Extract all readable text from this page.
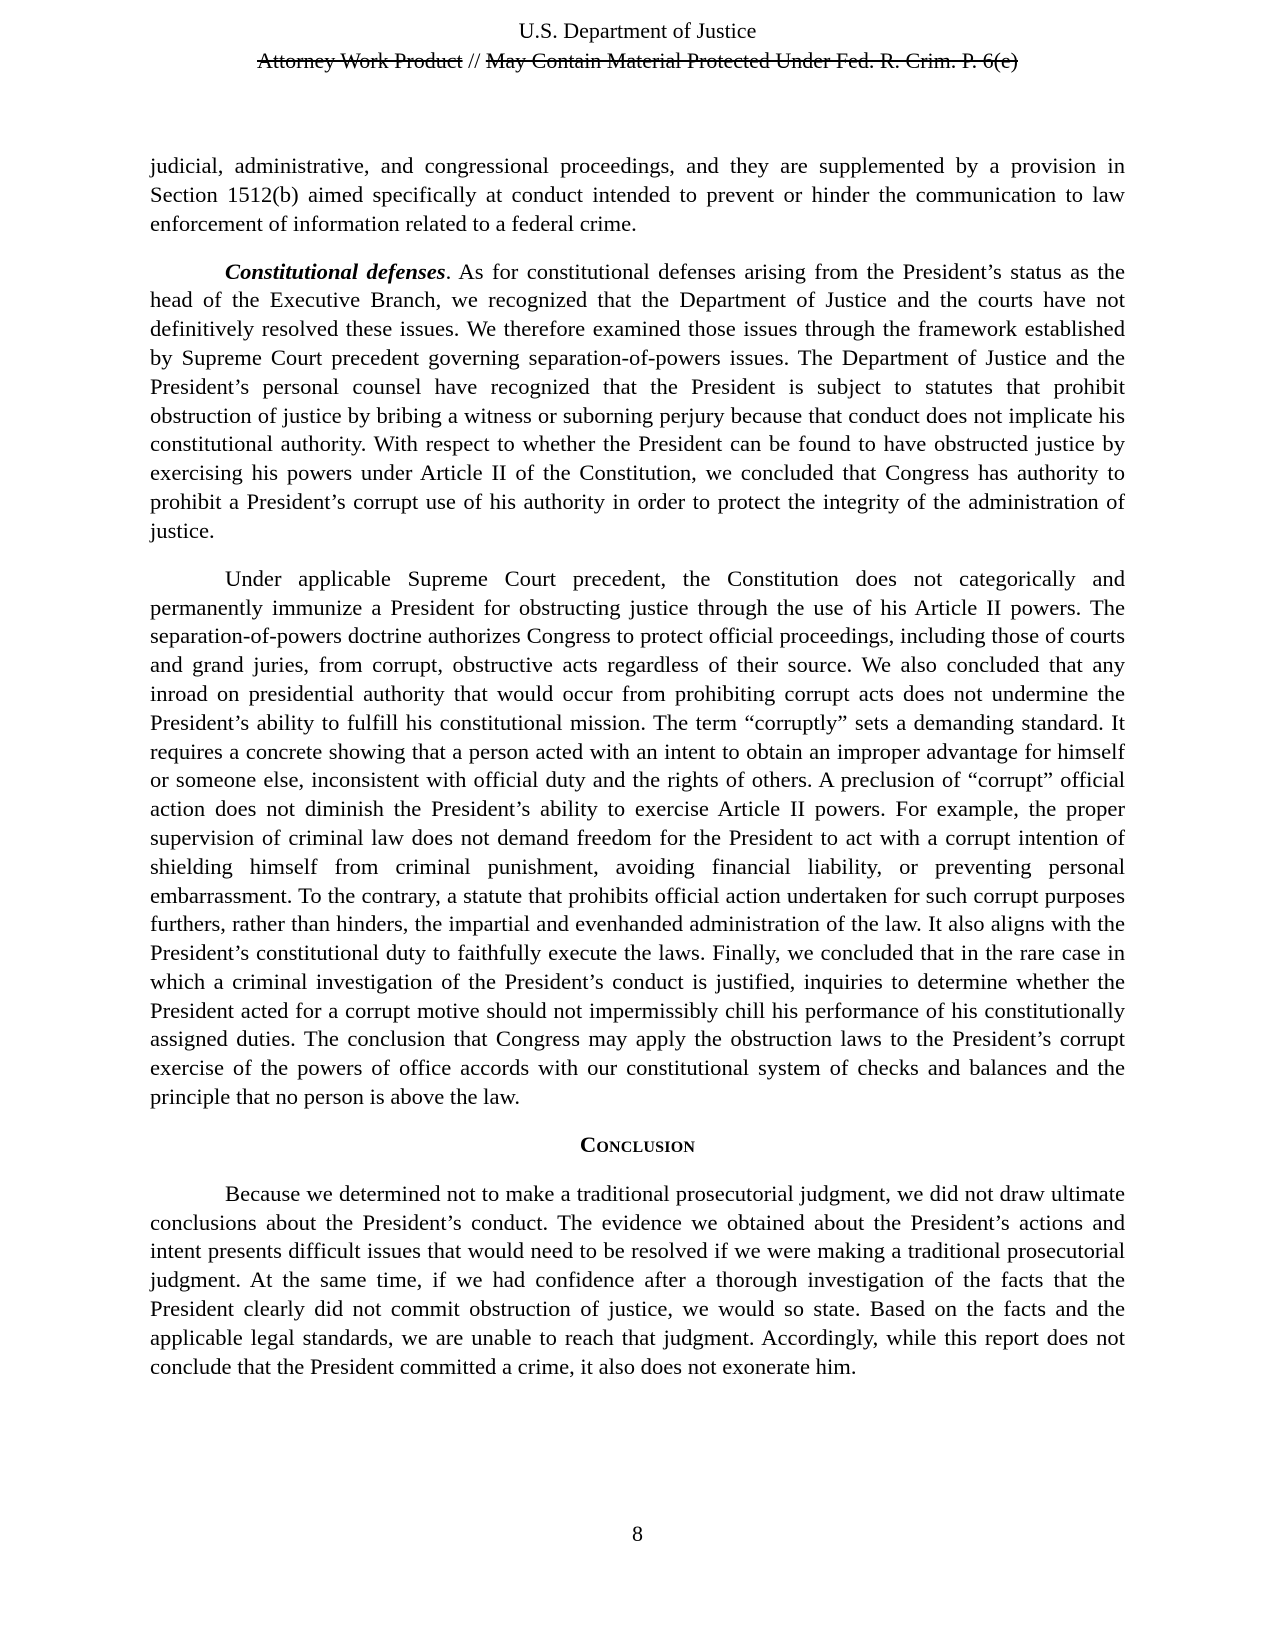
U.S. Department of Justice
Attorney Work Product // May Contain Material Protected Under Fed. R. Crim. P. 6(e)

judicial, administrative, and congressional proceedings, and they are supplemented by a provision in Section 1512(b) aimed specifically at conduct intended to prevent or hinder the communication to law enforcement of information related to a federal crime.

Constitutional defenses. As for constitutional defenses arising from the President’s status as the head of the Executive Branch, we recognized that the Department of Justice and the courts have not definitively resolved these issues. We therefore examined those issues through the framework established by Supreme Court precedent governing separation-of-powers issues. The Department of Justice and the President’s personal counsel have recognized that the President is subject to statutes that prohibit obstruction of justice by bribing a witness or suborning perjury because that conduct does not implicate his constitutional authority. With respect to whether the President can be found to have obstructed justice by exercising his powers under Article II of the Constitution, we concluded that Congress has authority to prohibit a President’s corrupt use of his authority in order to protect the integrity of the administration of justice.

Under applicable Supreme Court precedent, the Constitution does not categorically and permanently immunize a President for obstructing justice through the use of his Article II powers. The separation-of-powers doctrine authorizes Congress to protect official proceedings, including those of courts and grand juries, from corrupt, obstructive acts regardless of their source. We also concluded that any inroad on presidential authority that would occur from prohibiting corrupt acts does not undermine the President’s ability to fulfill his constitutional mission. The term “corruptly” sets a demanding standard. It requires a concrete showing that a person acted with an intent to obtain an improper advantage for himself or someone else, inconsistent with official duty and the rights of others. A preclusion of “corrupt” official action does not diminish the President’s ability to exercise Article II powers. For example, the proper supervision of criminal law does not demand freedom for the President to act with a corrupt intention of shielding himself from criminal punishment, avoiding financial liability, or preventing personal embarrassment. To the contrary, a statute that prohibits official action undertaken for such corrupt purposes furthers, rather than hinders, the impartial and evenhanded administration of the law. It also aligns with the President’s constitutional duty to faithfully execute the laws. Finally, we concluded that in the rare case in which a criminal investigation of the President’s conduct is justified, inquiries to determine whether the President acted for a corrupt motive should not impermissibly chill his performance of his constitutionally assigned duties. The conclusion that Congress may apply the obstruction laws to the President’s corrupt exercise of the powers of office accords with our constitutional system of checks and balances and the principle that no person is above the law.

Conclusion

Because we determined not to make a traditional prosecutorial judgment, we did not draw ultimate conclusions about the President’s conduct. The evidence we obtained about the President’s actions and intent presents difficult issues that would need to be resolved if we were making a traditional prosecutorial judgment. At the same time, if we had confidence after a thorough investigation of the facts that the President clearly did not commit obstruction of justice, we would so state. Based on the facts and the applicable legal standards, we are unable to reach that judgment. Accordingly, while this report does not conclude that the President committed a crime, it also does not exonerate him.

8
